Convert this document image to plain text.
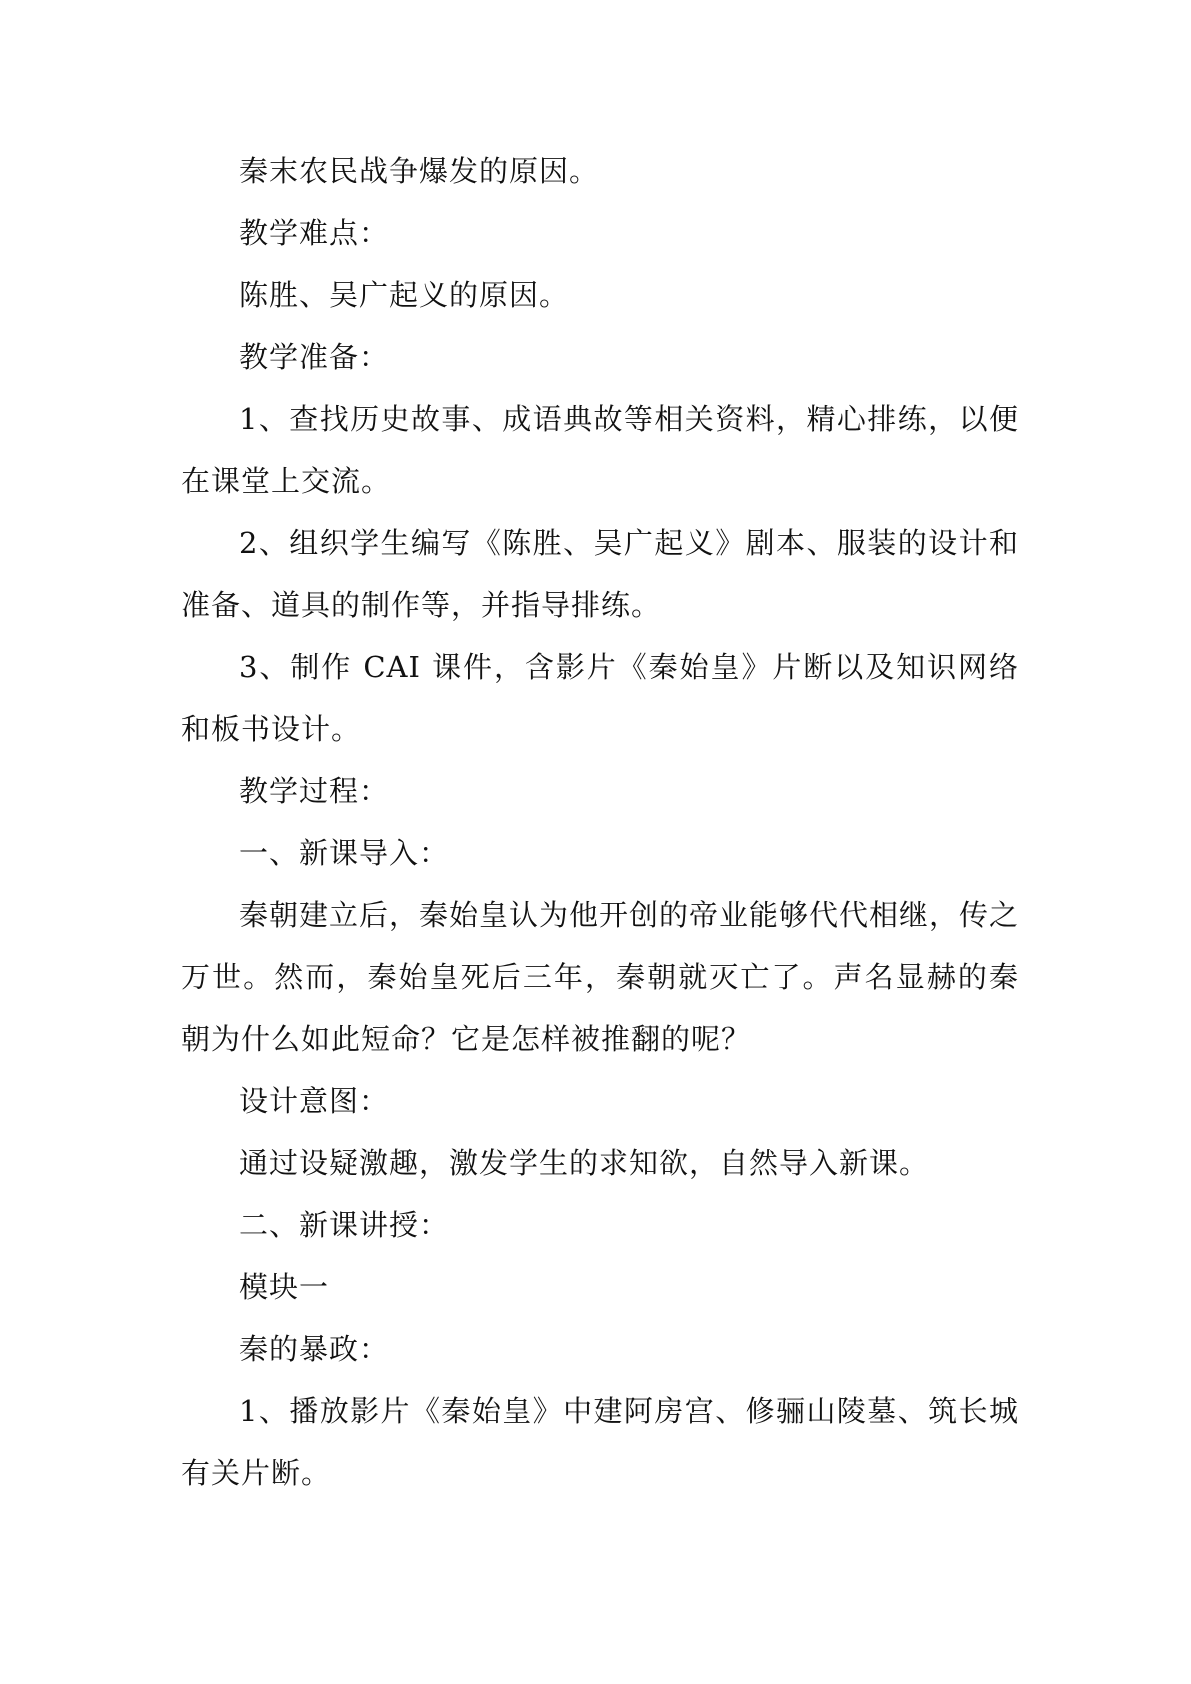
秦末农民战争爆发的原因。

教学难点：

陈胜、吴广起义的原因。

教学准备：

1、查找历史故事、成语典故等相关资料，精心排练，以便在课堂上交流。

2、组织学生编写《陈胜、吴广起义》剧本、服装的设计和准备、道具的制作等，并指导排练。

3、制作 CAI 课件，含影片《秦始皇》片断以及知识网络和板书设计。

教学过程：

一、新课导入：

秦朝建立后，秦始皇认为他开创的帝业能够代代相继，传之万世。然而，秦始皇死后三年，秦朝就灭亡了。声名显赫的秦朝为什么如此短命？它是怎样被推翻的呢？

设计意图：

通过设疑激趣，激发学生的求知欲，自然导入新课。

二、新课讲授：

模块一

秦的暴政：

1、播放影片《秦始皇》中建阿房宫、修骊山陵墓、筑长城有关片断。
